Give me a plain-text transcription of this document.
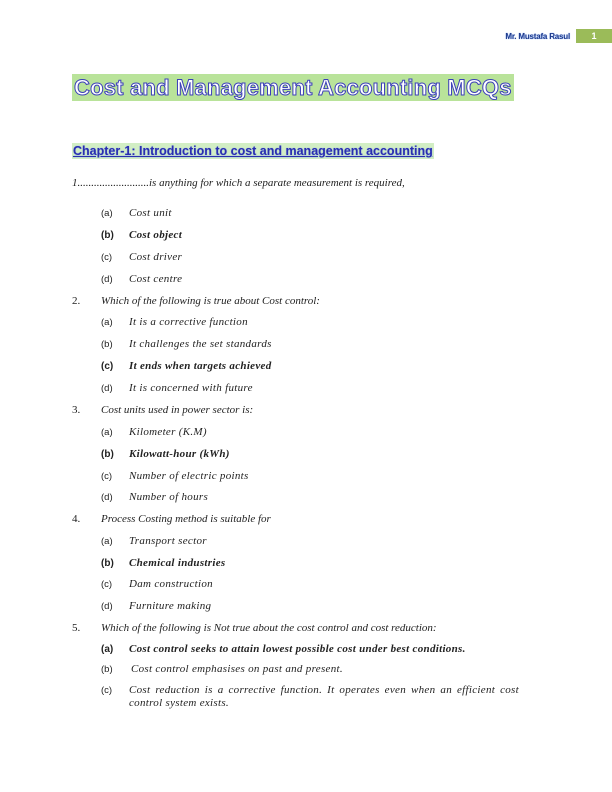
Mr. Mustafa Rasul	1
Cost and Management Accounting MCQs
Chapter-1: Introduction to cost and management accounting
1..........................is anything for which a separate measurement is required,
(a) Cost unit
(b) Cost object
(c) Cost driver
(d) Cost centre
2. Which of the following is true about Cost control:
(a) It is a corrective function
(b) It challenges the set standards
(c) It ends when targets achieved
(d) It is concerned with future
3. Cost units used in power sector is:
(a) Kilometer (K.M)
(b) Kilowatt-hour (kWh)
(c) Number of electric points
(d) Number of hours
4. Process Costing method is suitable for
(a) Transport sector
(b) Chemical industries
(c) Dam construction
(d) Furniture making
5. Which of the following is Not true about the cost control and cost reduction:
(a) Cost control seeks to attain lowest possible cost under best conditions.
(b) Cost control emphasises on past and present.
(c) Cost reduction is a corrective function. It operates even when an efficient cost control system exists.
